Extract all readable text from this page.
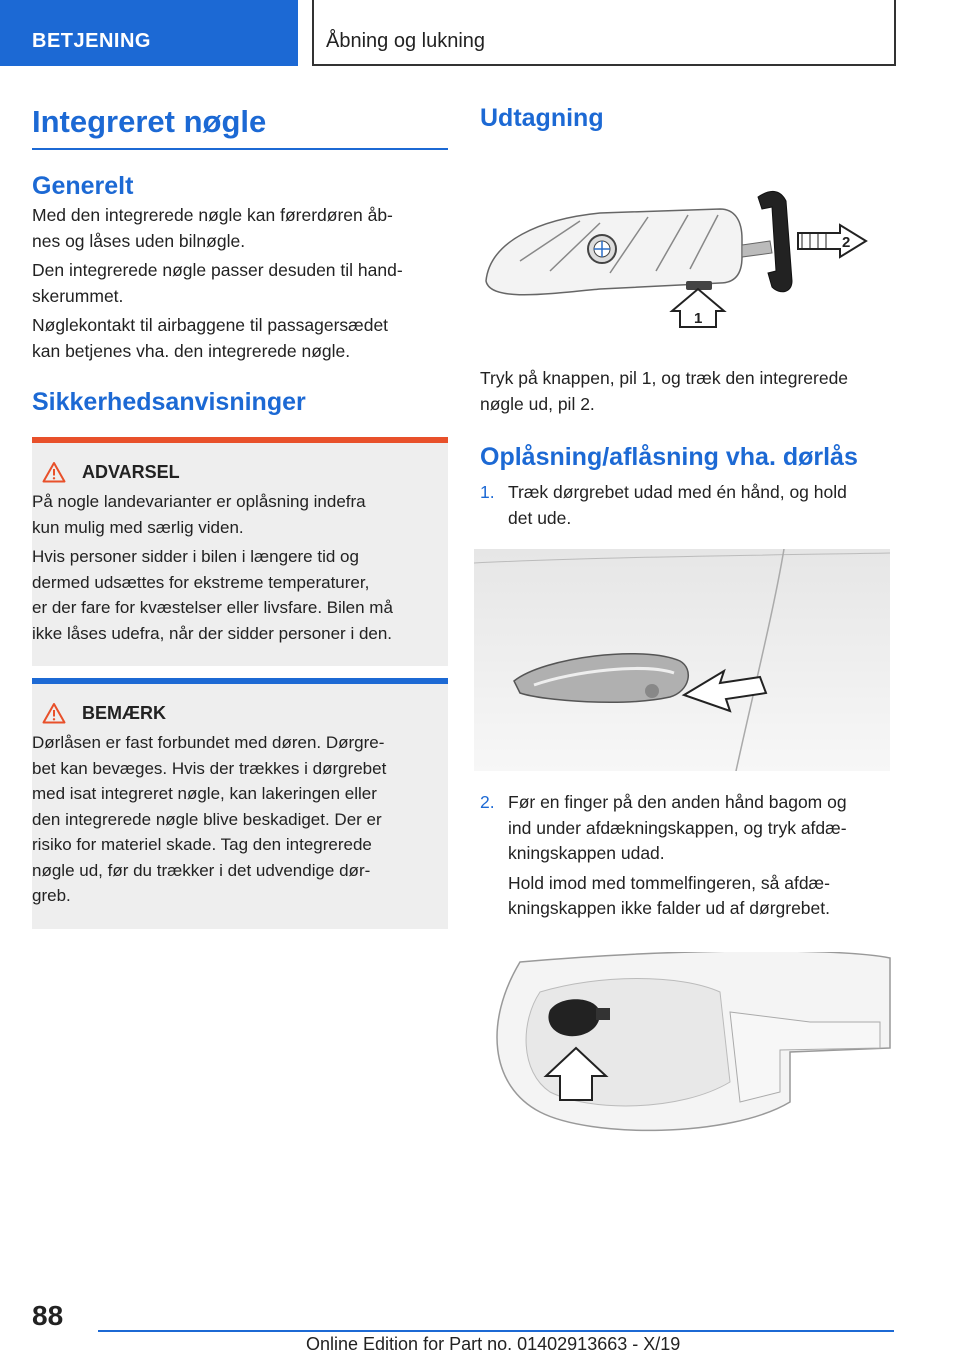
BETJENING	Åbning og lukning
Integreret nøgle
Generelt

Med den integrerede nøgle kan førerdøren åb-
nes og låses uden bilnøgle.

Den integrerede nøgle passer desuden til hand-
skerummet.

Nøglekontakt til airbaggene til passagersædet
kan betjenes vha. den integrerede nøgle.

Sikkerhedsanvisninger
ADVARSEL

På nogle landevarianter er oplåsning indefra
kun mulig med særlig viden.

Hvis personer sidder i bilen i længere tid og
dermed udsættes for ekstreme temperaturer,
er der fare for kvæstelser eller livsfare. Bilen må
ikke låses udefra, når der sidder personer i den.

BEMÆRK

Dørlåsen er fast forbundet med døren. Dørgre-
bet kan bevæges. Hvis der trækkes i dørgrebet
med isat integreret nøgle, kan lakeringen eller
den integrerede nøgle blive beskadiget. Der er
risiko for materiel skade. Tag den integrerede
nøgle ud, før du trækker i det udvendige dør-
greb.

Udtagning
2
1

Tryk på knappen, pil 1, og træk den integrerede
nøgle ud, pil 2.

Oplåsning/aflåsning vha. dørlås
1. Træk dørgrebet udad med én hånd, og hold
det ude.
2. Før en finger på den anden hånd bagom og
ind under afdækningskappen, og tryk afdæ-
kningskappen udad.
Hold imod med tommelfingeren, så afdæ-
kningskappen ikke falder ud af dørgrebet.
88
Online Edition for Part no. 01402913663 - X/19
